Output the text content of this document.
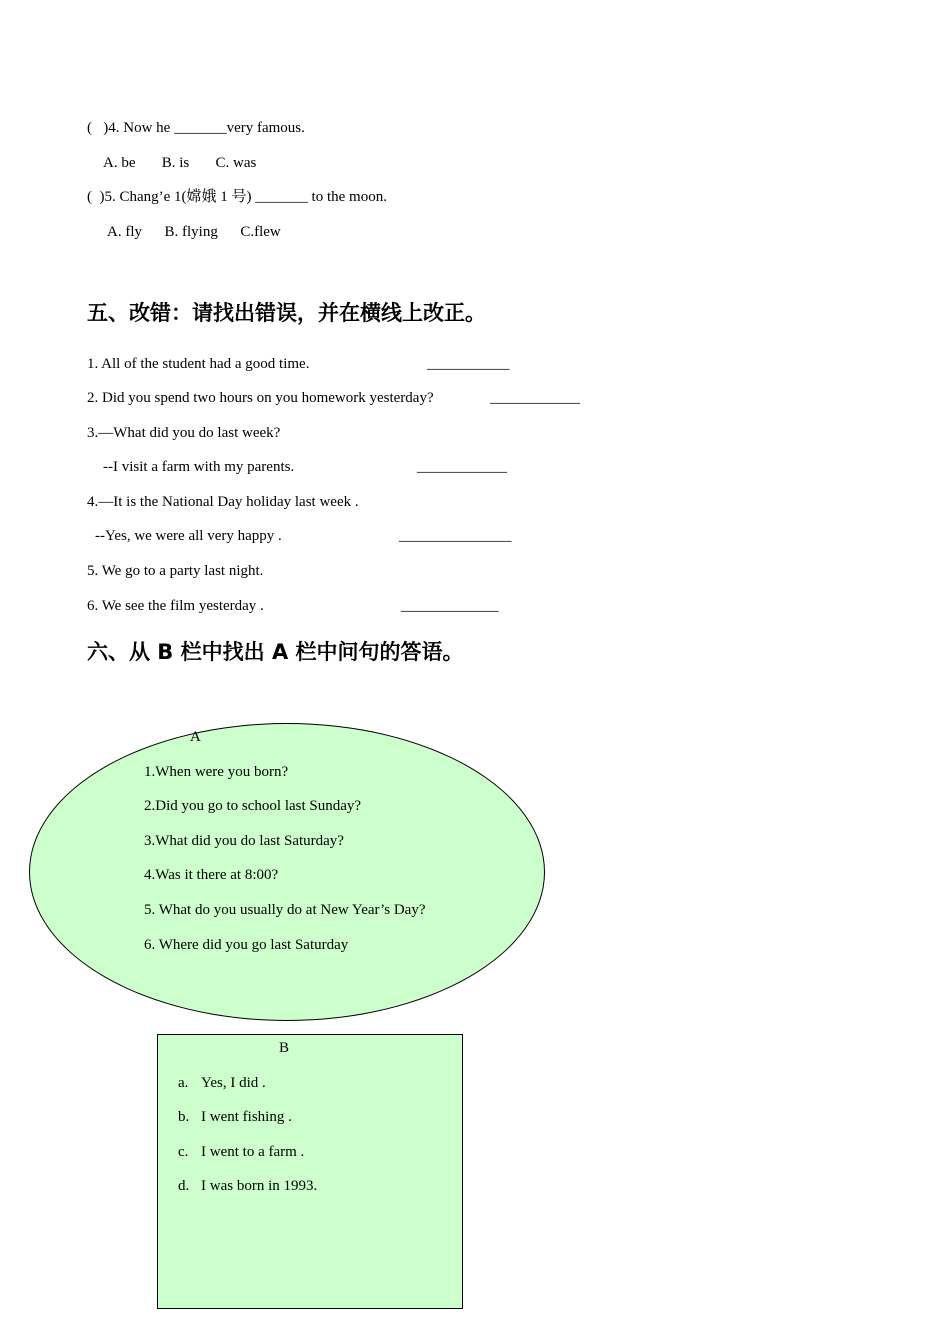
(   )4. Now he _______very famous.
A. be       B. is       C. was
(  )5. Chang’e 1(嫦娥 1 号) _______ to the moon.
A. fly      B. flying      C.flew
五、改错：请找出错误，并在横线上改正。
1. All of the student had a good time.	___________
2. Did you spend two hours on you homework yesterday?	____________
3.—What did you do last week?
--I visit a farm with my parents.	____________
4.—It is the National Day holiday last week .
--Yes, we were all very happy .	_______________
5. We go to a party last night.
6. We see the film yesterday .	_____________
六、从 B 栏中找出 A 栏中问句的答语。
A
1.When were you born?
2.Did you go to school last Sunday?
3.What did you do last Saturday?
4.Was it there at 8:00?
5. What do you usually do at New Year’s Day?
6. Where did you go last Saturday
B
a. Yes, I did .
b. I went fishing .
c. I went to a farm .
d. I was born in 1993.
